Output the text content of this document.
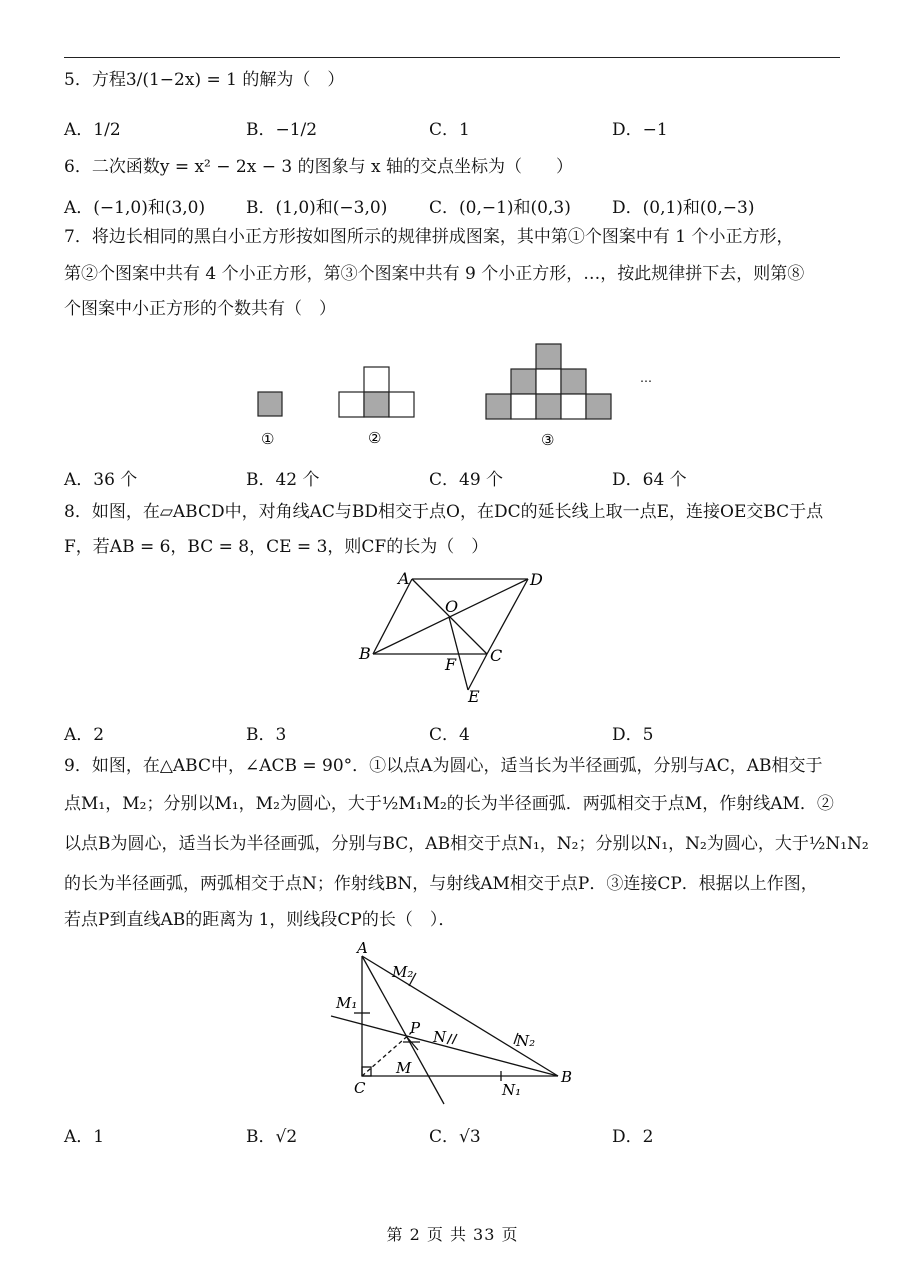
5．方程3/(1−2x) = 1 的解为（　）
A．1/2	B．−1/2	C．1	D．−1
6．二次函数y = x² − 2x − 3 的图象与 x 轴的交点坐标为（　　）
A．(−1,0)和(3,0) B．(1,0)和(−3,0) C．(0,−1)和(0,3) D．(0,1)和(0,−3)
7．将边长相同的黑白小正方形按如图所示的规律拼成图案，其中第①个图案中有 1 个小正方形，
第②个图案中共有 4 个小正方形，第③个图案中共有 9 个小正方形，…，按此规律拼下去，则第⑧
个图案中小正方形的个数共有（　）
…
①	②	③
A．36 个	B．42 个	C．49 个	D．64 个
8．如图，在▱ABCD中，对角线AC与BD相交于点O，在DC的延长线上取一点E，连接OE交BC于点
F，若AB = 6，BC = 8，CE = 3，则CF的长为（　）
A	D
O
B	C
F
E
A．2	B．3	C．4	D．5
9．如图，在△ABC中，∠ACB = 90°．①以点A为圆心，适当长为半径画弧，分别与AC，AB相交于
点M₁，M₂；分别以M₁，M₂为圆心，大于½M₁M₂的长为半径画弧．两弧相交于点M，作射线AM．②
以点B为圆心，适当长为半径画弧，分别与BC，AB相交于点N₁，N₂；分别以N₁，N₂为圆心，大于½N₁N₂
的长为半径画弧，两弧相交于点N；作射线BN，与射线AM相交于点P．③连接CP．根据以上作图，
若点P到直线AB的距离为 1，则线段CP的长（　）．
A
M₂
M₁
P N
M
N₂
C	N₁
B
A．1	B．√2	C．√3	D．2
第 2 页 共 33 页
